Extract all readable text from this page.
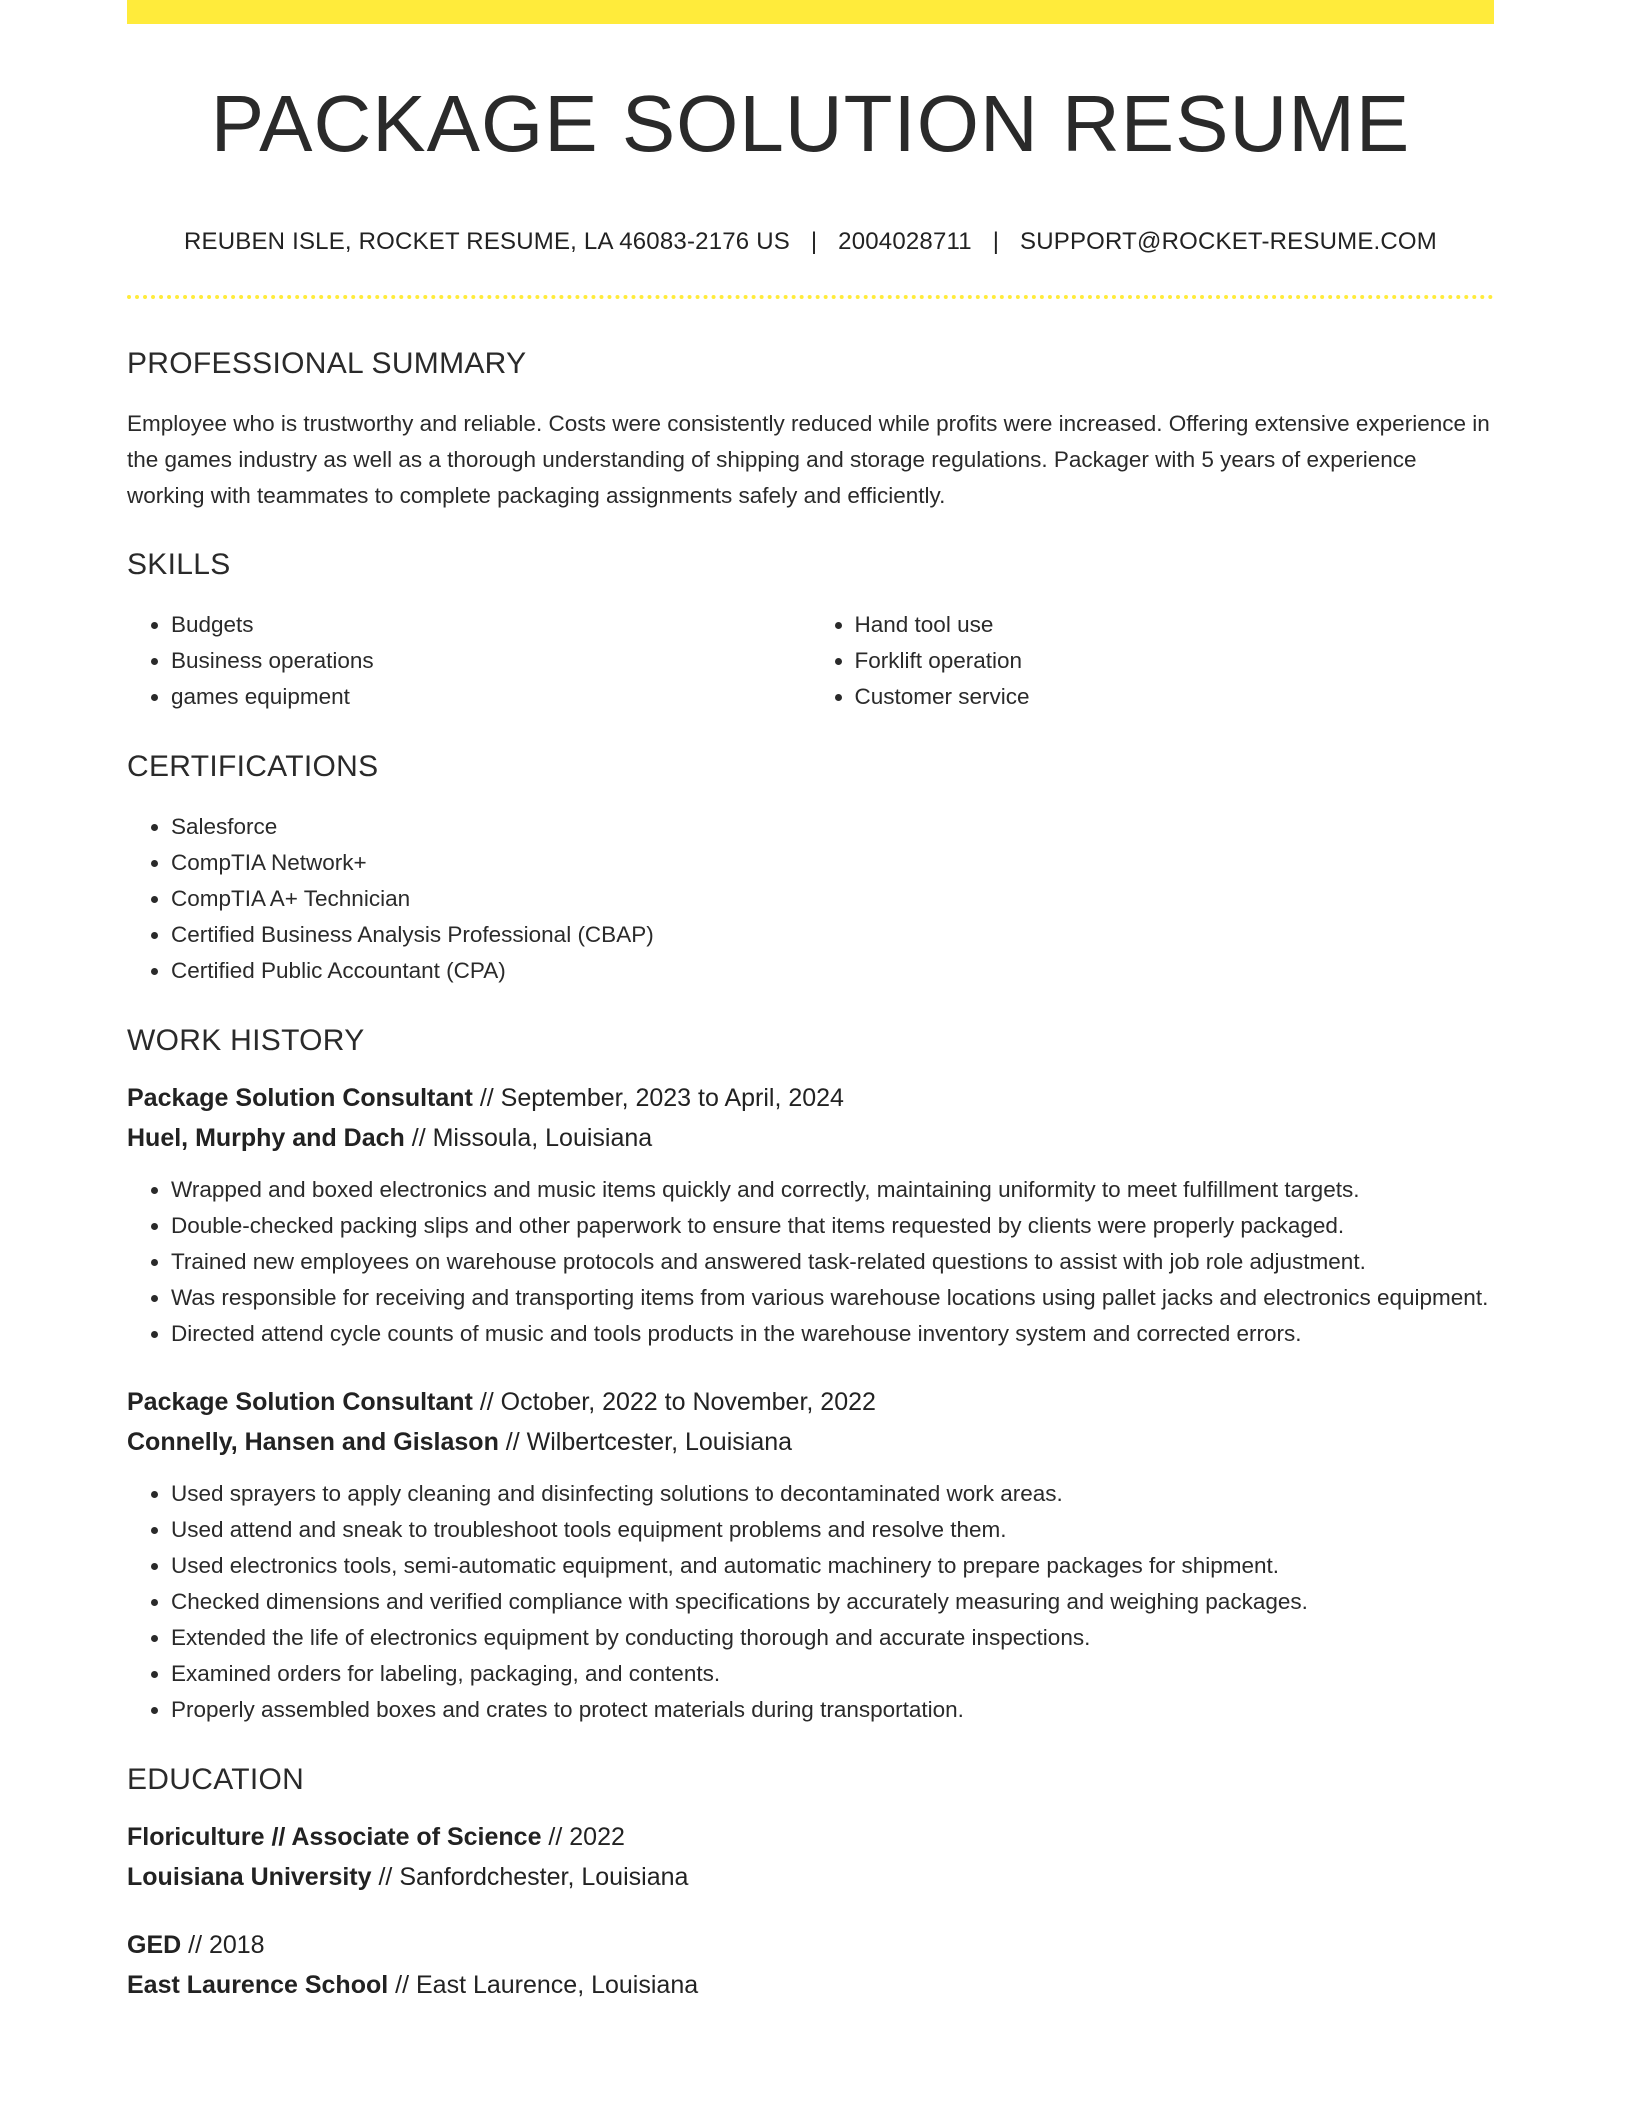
PACKAGE SOLUTION RESUME
REUBEN ISLE, ROCKET RESUME, LA 46083-2176 US | 2004028711 | SUPPORT@ROCKET-RESUME.COM
PROFESSIONAL SUMMARY

Employee who is trustworthy and reliable. Costs were consistently reduced while profits were increased. Offering extensive experience in the games industry as well as a thorough understanding of shipping and storage regulations. Packager with 5 years of experience working with teammates to complete packaging assignments safely and efficiently.

SKILLS
• Budgets
• Business operations
• games equipment
• Hand tool use
• Forklift operation
• Customer service
CERTIFICATIONS
• Salesforce
• CompTIA Network+
• CompTIA A+ Technician
• Certified Business Analysis Professional (CBAP)
• Certified Public Accountant (CPA)
WORK HISTORY
Package Solution Consultant // September, 2023 to April, 2024
Huel, Murphy and Dach // Missoula, Louisiana
• Wrapped and boxed electronics and music items quickly and correctly, maintaining uniformity to meet fulfillment targets.
• Double-checked packing slips and other paperwork to ensure that items requested by clients were properly packaged.
• Trained new employees on warehouse protocols and answered task-related questions to assist with job role adjustment.
• Was responsible for receiving and transporting items from various warehouse locations using pallet jacks and electronics equipment.
• Directed attend cycle counts of music and tools products in the warehouse inventory system and corrected errors.
Package Solution Consultant // October, 2022 to November, 2022
Connelly, Hansen and Gislason // Wilbertcester, Louisiana
• Used sprayers to apply cleaning and disinfecting solutions to decontaminated work areas.
• Used attend and sneak to troubleshoot tools equipment problems and resolve them.
• Used electronics tools, semi-automatic equipment, and automatic machinery to prepare packages for shipment.
• Checked dimensions and verified compliance with specifications by accurately measuring and weighing packages.
• Extended the life of electronics equipment by conducting thorough and accurate inspections.
• Examined orders for labeling, packaging, and contents.
• Properly assembled boxes and crates to protect materials during transportation.
EDUCATION
Floriculture // Associate of Science // 2022
Louisiana University // Sanfordchester, Louisiana
GED // 2018
East Laurence School // East Laurence, Louisiana
